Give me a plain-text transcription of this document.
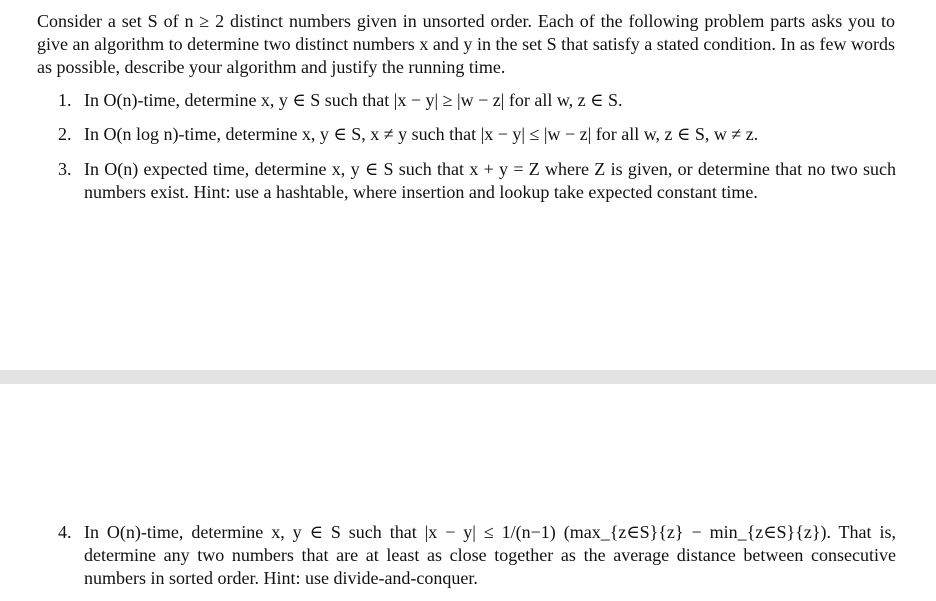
Consider a set S of n ≥ 2 distinct numbers given in unsorted order. Each of the following problem parts asks you to give an algorithm to determine two distinct numbers x and y in the set S that satisfy a stated condition. In as few words as possible, describe your algorithm and justify the running time.

1. In O(n)-time, determine x, y ∈ S such that |x − y| ≥ |w − z| for all w, z ∈ S.
2. In O(n log n)-time, determine x, y ∈ S, x ≠ y such that |x − y| ≤ |w − z| for all w, z ∈ S, w ≠ z.
3. In O(n) expected time, determine x, y ∈ S such that x + y = Z where Z is given, or determine that no two such numbers exist. Hint: use a hashtable, where insertion and lookup take expected constant time.
4. In O(n)-time, determine x, y ∈ S such that |x − y| ≤ 1/(n−1) (max_{z∈S}{z} − min_{z∈S}{z}). That is, determine any two numbers that are at least as close together as the average distance between consecutive numbers in sorted order. Hint: use divide-and-conquer.
